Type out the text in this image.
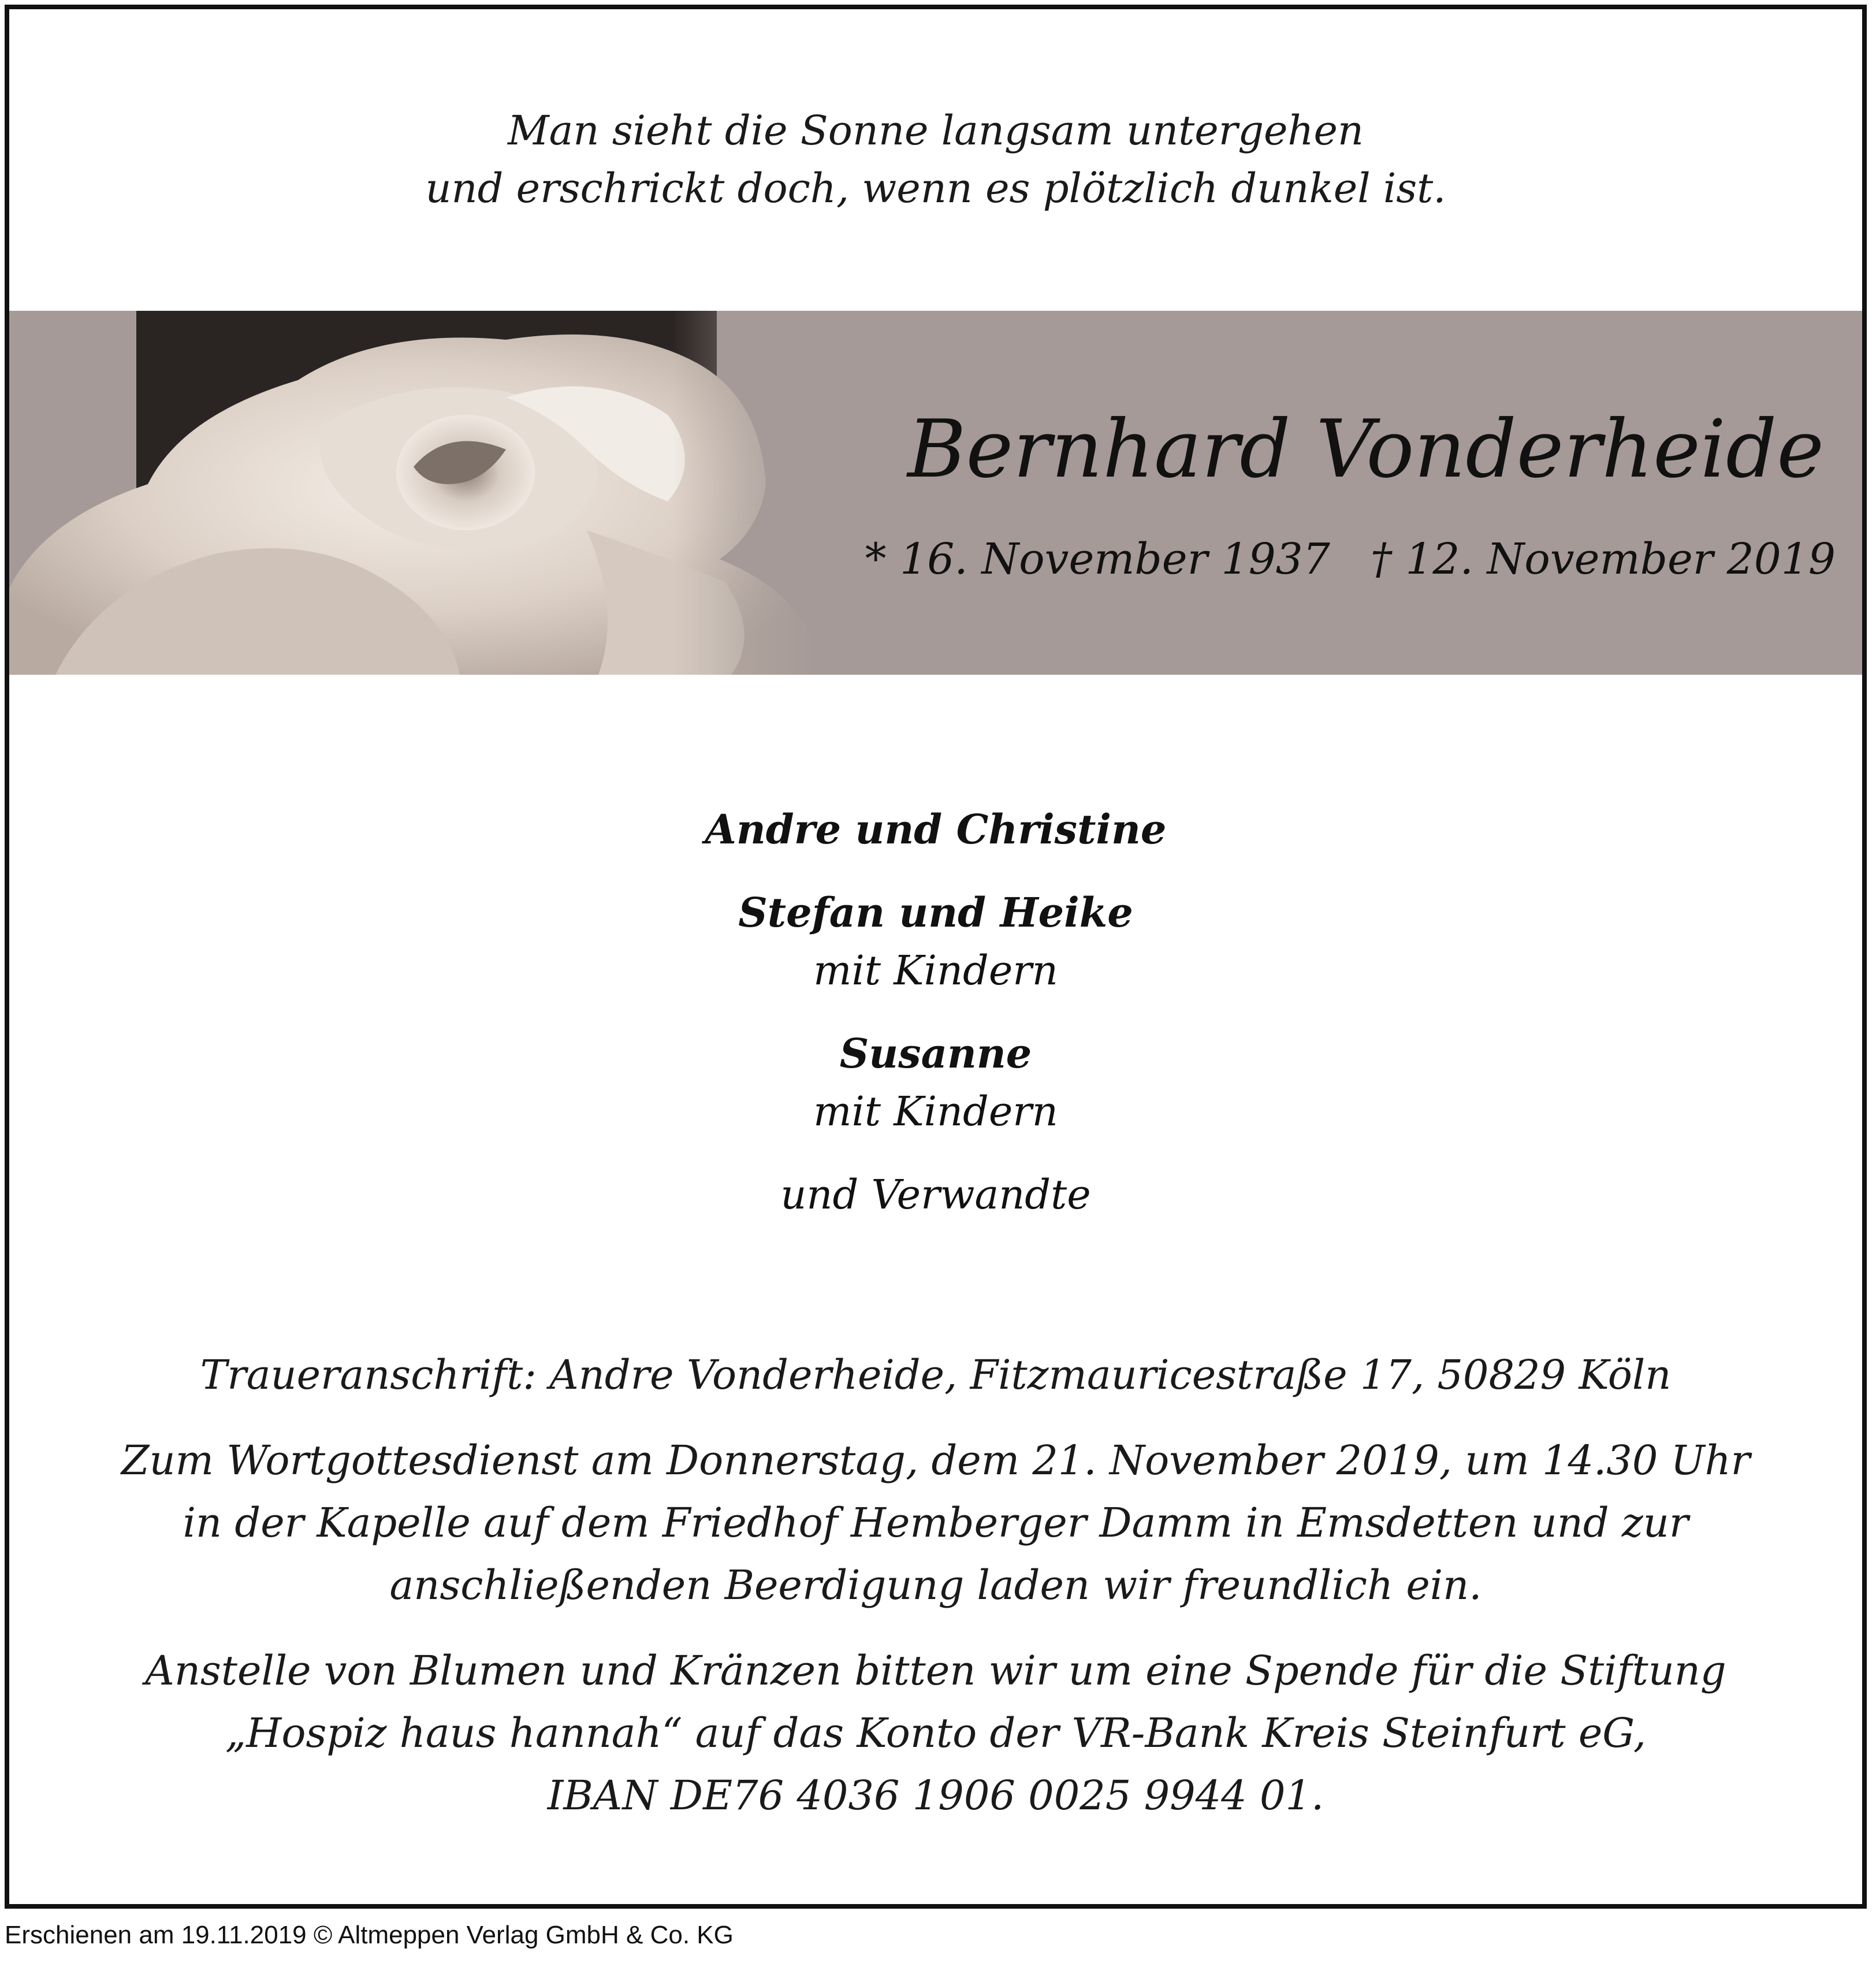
Man sieht die Sonne langsam untergehen
und erschrickt doch, wenn es plötzlich dunkel ist.
Bernhard Vonderheide
* 16. November 1937 † 12. November 2019
Andre und Christine
Stefan und Heike
mit Kindern
Susanne
mit Kindern
und Verwandte
Traueranschrift: Andre Vonderheide, Fitzmauricestraße 17, 50829 Köln
Zum Wortgottesdienst am Donnerstag, dem 21. November 2019, um 14.30 Uhr
in der Kapelle auf dem Friedhof Hemberger Damm in Emsdetten und zur
anschließenden Beerdigung laden wir freundlich ein.
Anstelle von Blumen und Kränzen bitten wir um eine Spende für die Stiftung
„Hospiz haus hannah“ auf das Konto der VR-Bank Kreis Steinfurt eG,
IBAN DE76 4036 1906 0025 9944 01.
Erschienen am 19.11.2019 © Altmeppen Verlag GmbH & Co. KG
